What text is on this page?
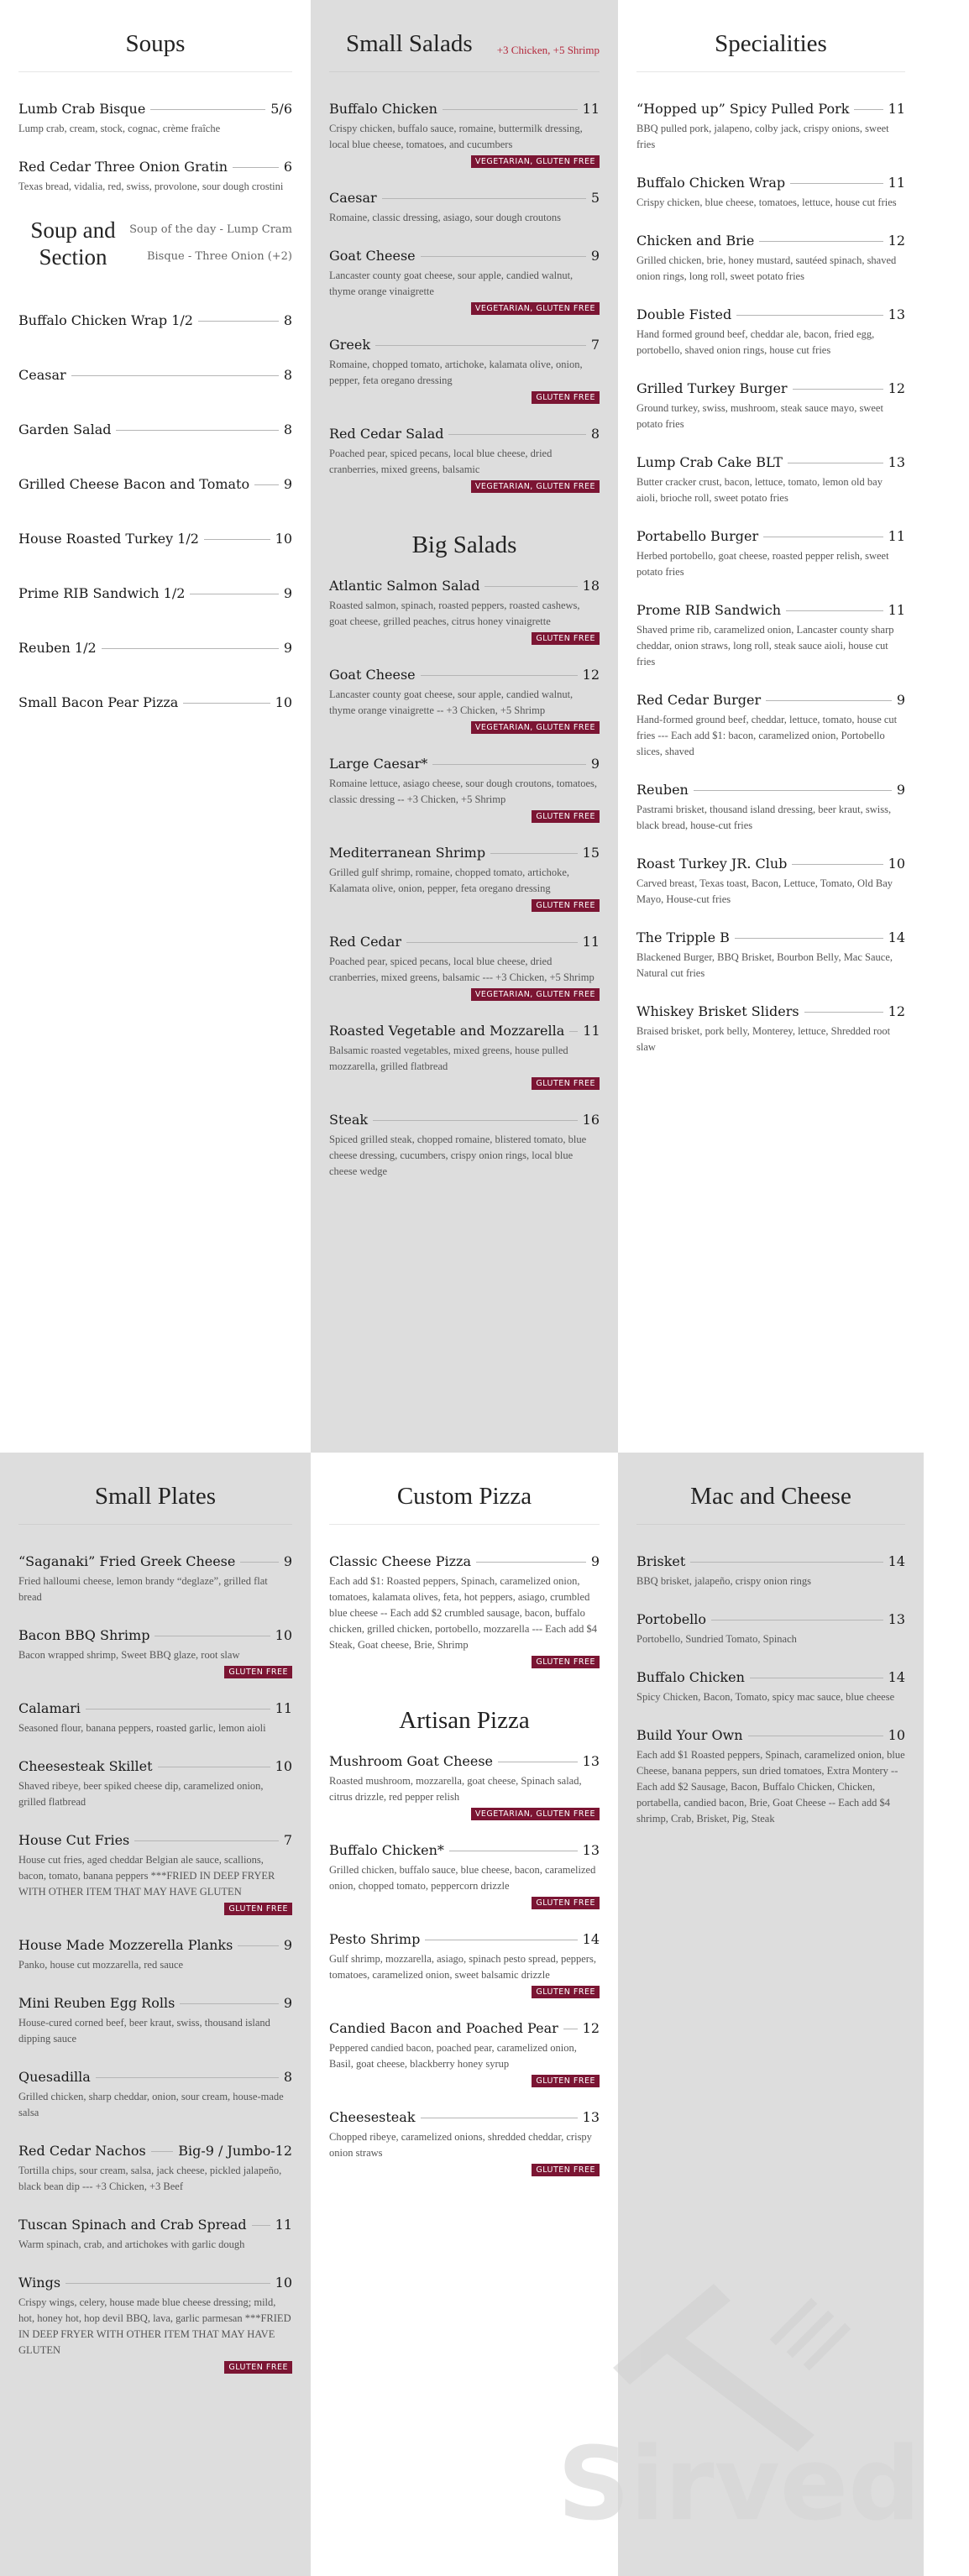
Soups
Lumb Crab Bisque	5/6
Lump crab, cream, stock, cognac, crème fraîche
Red Cedar Three Onion Gratin	6
Texas bread, vidalia, red, swiss, provolone, sour dough crostini
Soup and Section
Soup of the day - Lump Cram
Bisque - Three Onion (+2)
Buffalo Chicken Wrap 1/2	8
Ceasar	8
Garden Salad	8
Grilled Cheese Bacon and Tomato	9
House Roasted Turkey 1/2	10
Prime RIB Sandwich 1/2	9
Reuben 1/2	9
Small Bacon Pear Pizza	10
Small Salads +3 Chicken, +5 Shrimp
Buffalo Chicken	11
Crispy chicken, buffalo sauce, romaine, buttermilk dressing, local blue cheese, tomatoes, and cucumbers
VEGETARIAN, GLUTEN FREE
Caesar	5
Romaine, classic dressing, asiago, sour dough croutons
Goat Cheese	9
Lancaster county goat cheese, sour apple, candied walnut, thyme orange vinaigrette
VEGETARIAN, GLUTEN FREE
Greek	7
Romaine, chopped tomato, artichoke, kalamata olive, onion, pepper, feta oregano dressing
GLUTEN FREE
Red Cedar Salad	8
Poached pear, spiced pecans, local blue cheese, dried cranberries, mixed greens, balsamic
VEGETARIAN, GLUTEN FREE
Big Salads
Atlantic Salmon Salad	18
Roasted salmon, spinach, roasted peppers, roasted cashews, goat cheese, grilled peaches, citrus honey vinaigrette
GLUTEN FREE
Goat Cheese	12
Lancaster county goat cheese, sour apple, candied walnut, thyme orange vinaigrette -- +3 Chicken, +5 Shrimp
VEGETARIAN, GLUTEN FREE
Large Caesar*	9
Romaine lettuce, asiago cheese, sour dough croutons, tomatoes, classic dressing -- +3 Chicken, +5 Shrimp
GLUTEN FREE
Mediterranean Shrimp	15
Grilled gulf shrimp, romaine, chopped tomato, artichoke, Kalamata olive, onion, pepper, feta oregano dressing
GLUTEN FREE
Red Cedar	11
Poached pear, spiced pecans, local blue cheese, dried cranberries, mixed greens, balsamic --- +3 Chicken, +5 Shrimp
VEGETARIAN, GLUTEN FREE
Roasted Vegetable and Mozzarella 11
Balsamic roasted vegetables, mixed greens, house pulled mozzarella, grilled flatbread
GLUTEN FREE
Steak	16
Spiced grilled steak, chopped romaine, blistered tomato, blue cheese dressing, cucumbers, crispy onion rings, local blue cheese wedge
Specialities
“Hopped up” Spicy Pulled Pork	11
BBQ pulled pork, jalapeno, colby jack, crispy onions, sweet fries
Buffalo Chicken Wrap	11
Crispy chicken, blue cheese, tomatoes, lettuce, house cut fries
Chicken and Brie	12
Grilled chicken, brie, honey mustard, sautéed spinach, shaved onion rings, long roll, sweet potato fries
Double Fisted	13
Hand formed ground beef, cheddar ale, bacon, fried egg, portobello, shaved onion rings, house cut fries
Grilled Turkey Burger	12
Ground turkey, swiss, mushroom, steak sauce mayo, sweet potato fries
Lump Crab Cake BLT	13
Butter cracker crust, bacon, lettuce, tomato, lemon old bay aioli, brioche roll, sweet potato fries
Portabello Burger	11
Herbed portobello, goat cheese, roasted pepper relish, sweet potato fries
Prome RIB Sandwich	11
Shaved prime rib, caramelized onion, Lancaster county sharp cheddar, onion straws, long roll, steak sauce aioli, house cut fries
Red Cedar Burger	9
Hand-formed ground beef, cheddar, lettuce, tomato, house cut fries --- Each add $1: bacon, caramelized onion, Portobello slices, shaved
Reuben	9
Pastrami brisket, thousand island dressing, beer kraut, swiss, black bread, house-cut fries
Roast Turkey JR. Club	10
Carved breast, Texas toast, Bacon, Lettuce, Tomato, Old Bay Mayo, House-cut fries
The Tripple B	14
Blackened Burger, BBQ Brisket, Bourbon Belly, Mac Sauce, Natural cut fries
Whiskey Brisket Sliders	12
Braised brisket, pork belly, Monterey, lettuce, Shredded root slaw
Small Plates
“Saganaki” Fried Greek Cheese	9
Fried halloumi cheese, lemon brandy “deglaze”, grilled flat bread
Bacon BBQ Shrimp	10
Bacon wrapped shrimp, Sweet BBQ glaze, root slaw
GLUTEN FREE
Calamari	11
Seasoned flour, banana peppers, roasted garlic, lemon aioli
Cheesesteak Skillet	10
Shaved ribeye, beer spiked cheese dip, caramelized onion, grilled flatbread
House Cut Fries	7
House cut fries, aged cheddar Belgian ale sauce, scallions, bacon, tomato, banana peppers ***FRIED IN DEEP FRYER WITH OTHER ITEM THAT MAY HAVE GLUTEN
GLUTEN FREE
House Made Mozzerella Planks	9
Panko, house cut mozzarella, red sauce
Mini Reuben Egg Rolls	9
House-cured corned beef, beer kraut, swiss, thousand island dipping sauce
Quesadilla	8
Grilled chicken, sharp cheddar, onion, sour cream, house-made salsa
Red Cedar Nachos Big-9 / Jumbo-12
Tortilla chips, sour cream, salsa, jack cheese, pickled jalapeño, black bean dip --- +3 Chicken, +3 Beef
Tuscan Spinach and Crab Spread 11
Warm spinach, crab, and artichokes with garlic dough
Wings	10
Crispy wings, celery, house made blue cheese dressing; mild, hot, honey hot, hop devil BBQ, lava, garlic parmesan ***FRIED IN DEEP FRYER WITH OTHER ITEM THAT MAY HAVE GLUTEN
GLUTEN FREE
Custom Pizza
Classic Cheese Pizza	9
Each add $1: Roasted peppers, Spinach, caramelized onion, tomatoes, kalamata olives, feta, hot peppers, asiago, crumbled blue cheese -- Each add $2 crumbled sausage, bacon, buffalo chicken, grilled chicken, portobello, mozzarella --- Each add $4 Steak, Goat cheese, Brie, Shrimp
GLUTEN FREE
Artisan Pizza
Mushroom Goat Cheese	13
Roasted mushroom, mozzarella, goat cheese, Spinach salad, citrus drizzle, red pepper relish
VEGETARIAN, GLUTEN FREE
Buffalo Chicken*	13
Grilled chicken, buffalo sauce, blue cheese, bacon, caramelized onion, chopped tomato, peppercorn drizzle
GLUTEN FREE
Pesto Shrimp	14
Gulf shrimp, mozzarella, asiago, spinach pesto spread, peppers, tomatoes, caramelized onion, sweet balsamic drizzle
GLUTEN FREE
Candied Bacon and Poached Pear 12
Peppered candied bacon, poached pear, caramelized onion, Basil, goat cheese, blackberry honey syrup
GLUTEN FREE
Cheesesteak	13
Chopped ribeye, caramelized onions, shredded cheddar, crispy onion straws
GLUTEN FREE
Mac and Cheese
Brisket	14
BBQ brisket, jalapeño, crispy onion rings
Portobello	13
Portobello, Sundried Tomato, Spinach
Buffalo Chicken	14
Spicy Chicken, Bacon, Tomato, spicy mac sauce, blue cheese
Build Your Own	10
Each add $1 Roasted peppers, Spinach, caramelized onion, blue Cheese, banana peppers, sun dried tomatoes, Extra Montery -- Each add $2 Sausage, Bacon, Buffalo Chicken, Chicken, portabella, candied bacon, Brie, Goat Cheese -- Each add $4 shrimp, Crab, Brisket, Pig, Steak
Sirved
